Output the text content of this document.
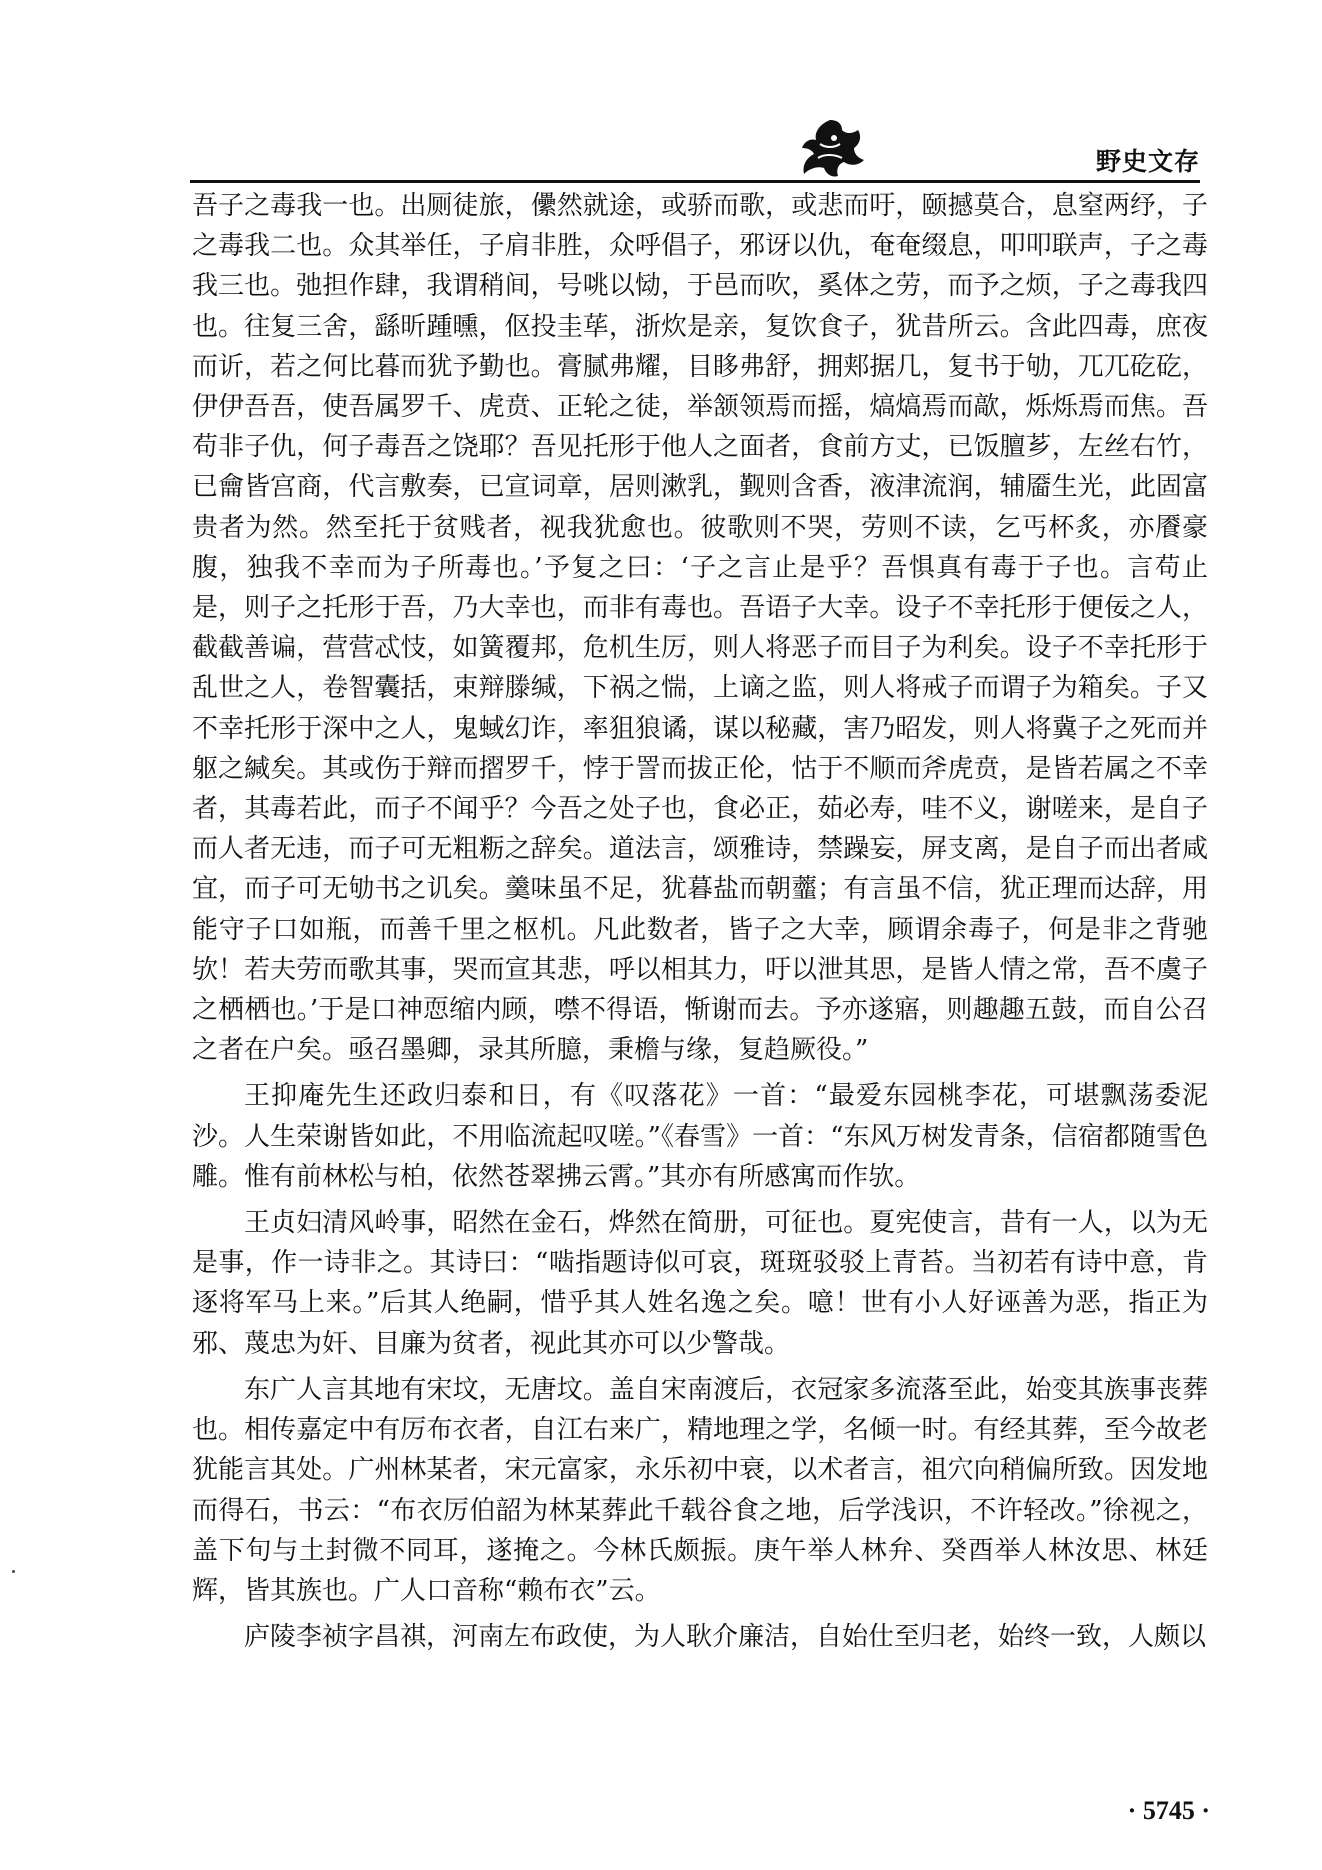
野史文存

吾子之毒我一也。出厕徒旅，儽然就途，或骄而歌，或悲而吁，颐撼莫合，息窒两纾，子之毒我二也。众其举任，子肩非胜，众呼倡子，邪讶以仇，奄奄缀息，叩叩联声，子之毒我三也。弛担作肆，我谓稍间，号咷以恸，于邑而吹，奚体之劳，而予之烦，子之毒我四也。往复三舍，繇昕踵曛，伛投圭荜，浙炊是亲，复饮食子，犹昔所云。含此四毒，庶夜而䜣，若之何比暮而犹予勤也。膏腻弗耀，目眵弗舒，拥郏据几，复书于劬，兀兀矻矻，伊伊吾吾，使吾属罗千、虎贲、正轮之徒，举颔领焉而摇，熇熇焉而歊，烁烁焉而焦。吾苟非子仇，何子毒吾之饶耶？吾见托形于他人之面者，食前方丈，已饭膻芗，左丝右竹，已龠皆宫商，代言敷奏，已宣词章，居则漱乳，觐则含香，液津流润，辅靥生光，此固富贵者为然。然至托于贫贱者，视我犹愈也。彼歌则不哭，劳则不读，乞丐杯炙，亦餍豪腹，独我不幸而为子所毒也。’予复之曰：‘子之言止是乎？吾惧真有毒于子也。言苟止是，则子之托形于吾，乃大幸也，而非有毒也。吾语子大幸。设子不幸托形于便佞之人，截截善谝，营营忒忮，如簧覆邦，危机生厉，则人将恶子而目子为利矣。设子不幸托形于乱世之人，卷智囊括，束辩滕缄，下祸之惴，上谪之监，则人将戒子而谓子为箱矣。子又不幸托形于深中之人，鬼蜮幻诈，率狙狼谲，谋以秘藏，害乃昭发，则人将冀子之死而并躯之緘矣。其或伤于辩而摺罗千，悖于詈而拔正伦，怙于不顺而斧虎贲，是皆若属之不幸者，其毒若此，而子不闻乎？今吾之处子也，食必正，茹必寿，哇不义，谢嗟来，是自子而人者无违，而子可无粗粝之辞矣。道法言，颂雅诗，禁躁妄，屏支离，是自子而出者咸宜，而子可无劬书之讥矣。羹味虽不足，犹暮盐而朝虀；有言虽不信，犹正理而达辞，用能守子口如瓶，而善千里之枢机。凡此数者，皆子之大幸，顾谓余毒子，何是非之背驰欤！若夫劳而歌其事，哭而宣其悲，呼以相其力，吁以泄其思，是皆人情之常，吾不虞子之栖栖也。’于是口神恧缩内顾，噤不得语，惭谢而去。予亦遂寤，则趣趣五鼓，而自公召之者在户矣。亟召墨卿，录其所臆，秉檐与缘，复趋厥役。”

王抑庵先生还政归泰和日，有《叹落花》一首：“最爱东园桃李花，可堪飘荡委泥沙。人生荣谢皆如此，不用临流起叹嗟。”《春雪》一首：“东风万树发青条，信宿都随雪色雕。惟有前林松与柏，依然苍翠拂云霄。”其亦有所感寓而作欤。

王贞妇清风岭事，昭然在金石，烨然在简册，可征也。夏宪使言，昔有一人，以为无是事，作一诗非之。其诗曰：“啮指题诗似可哀，斑斑驳驳上青苔。当初若有诗中意，肯逐将军马上来。”后其人绝嗣，惜乎其人姓名逸之矣。噫！世有小人好诬善为恶，指正为邪、蔑忠为奸、目廉为贫者，视此其亦可以少警哉。

东广人言其地有宋坟，无唐坟。盖自宋南渡后，衣冠家多流落至此，始变其族事丧葬也。相传嘉定中有厉布衣者，自江右来广，精地理之学，名倾一时。有经其葬，至今故老犹能言其处。广州林某者，宋元富家，永乐初中衰，以术者言，祖穴向稍偏所致。因发地而得石，书云：“布衣厉伯韶为林某葬此千载谷食之地，后学浅识，不许轻改。”徐视之，盖下句与土封微不同耳，遂掩之。今林氏颇振。庚午举人林弁、癸酉举人林汝思、林廷辉，皆其族也。广人口音称“赖布衣”云。

庐陵李祯字昌祺，河南左布政使，为人耿介廉洁，自始仕至归老，始终一致，人颇以

· 5745 ·
